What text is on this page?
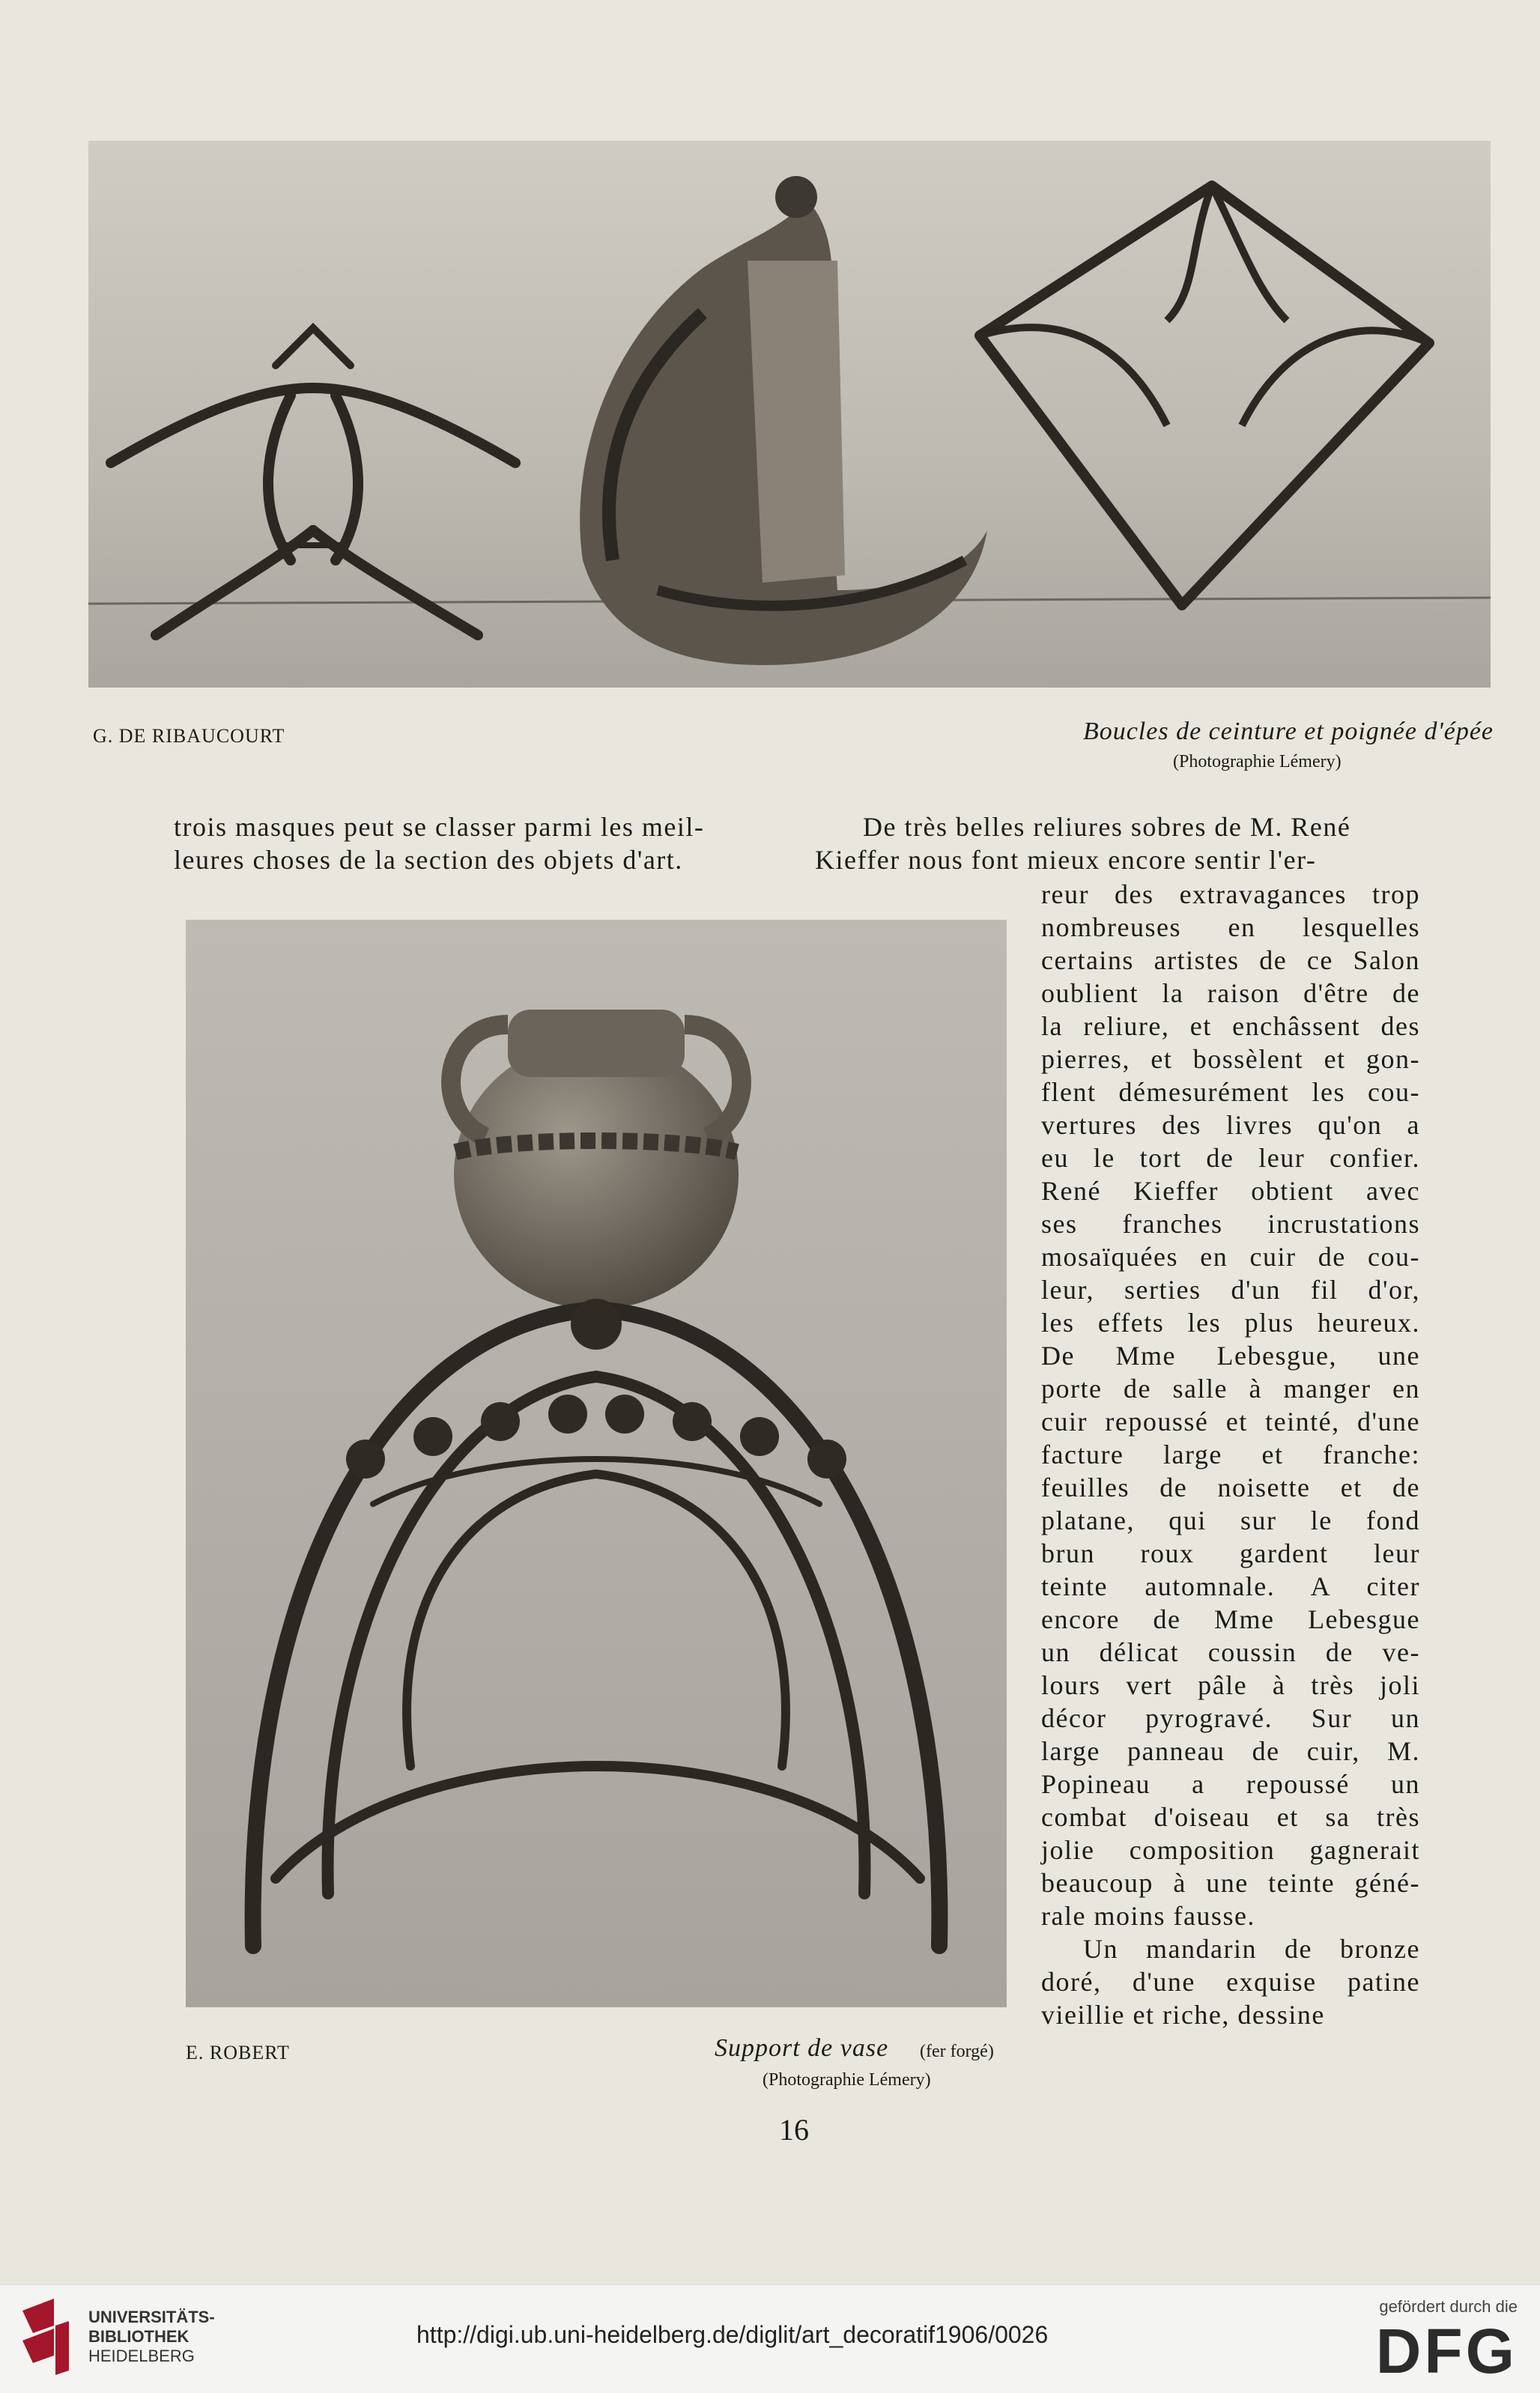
G. DE RIBAUCOURT	Boucles de ceinture et poignée d'épée
(Photographie Lémery)
trois masques peut se classer parmi les meil-
leures choses de la section des objets d'art.
De très belles reliures sobres de M. René
Kieffer nous font mieux encore sentir l'er-
E. ROBERT	Support de vase (fer forgé)
(Photographie Lémery)
reur des extravagances trop
nombreuses en lesquelles
certains artistes de ce Salon
oublient la raison d'être de
la reliure, et enchâssent des
pierres, et bossèlent et gon-
flent démesurément les cou-
vertures des livres qu'on a
eu le tort de leur confier.
René Kieffer obtient avec
ses franches incrustations
mosaïquées en cuir de cou-
leur, serties d'un fil d'or,
les effets les plus heureux.
De Mme Lebesgue, une
porte de salle à manger en
cuir repoussé et teinté, d'une
facture large et franche:
feuilles de noisette et de
platane, qui sur le fond
brun roux gardent leur
teinte automnale. A citer
encore de Mme Lebesgue
un délicat coussin de ve-
lours vert pâle à très joli
décor pyrogravé. Sur un
large panneau de cuir, M.
Popineau a repoussé un
combat d'oiseau et sa très
jolie composition gagnerait
beaucoup à une teinte géné-
rale moins fausse.
Un mandarin de bronze
doré, d'une exquise patine
vieillie et riche, dessine
16
UNIVERSITÄTS-
BIBLIOTHEK
HEIDELBERG
http://digi.ub.uni-heidelberg.de/diglit/art_decoratif1906/0026
gefördert durch die
DFG
